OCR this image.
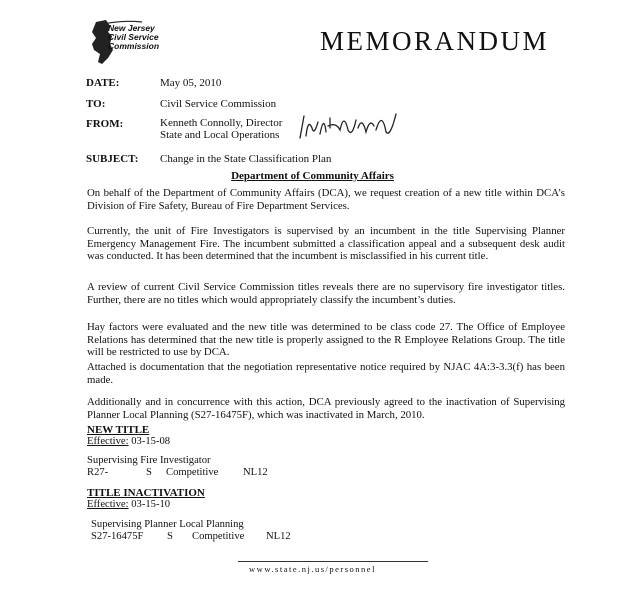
New Jersey
Civil Service
Commission	MEMORANDUM
DATE:	May 05, 2010
TO:	Civil Service Commission
FROM:	Kenneth Connolly, Director
State and Local Operations
SUBJECT: Change in the State Classification Plan
Department of Community Affairs
On behalf of the Department of Community Affairs (DCA), we request creation of a new title within DCA’s Division of Fire Safety, Bureau of Fire Department Services.
Currently, the unit of Fire Investigators is supervised by an incumbent in the title Supervising Planner Emergency Management Fire. The incumbent submitted a classification appeal and a subsequent desk audit was conducted. It has been determined that the incumbent is misclassified in his current title.
A review of current Civil Service Commission titles reveals there are no supervisory fire investigator titles. Further, there are no titles which would appropriately classify the incumbent’s duties.
Hay factors were evaluated and the new title was determined to be class code 27. The Office of Employee Relations has determined that the new title is properly assigned to the R Employee Relations Group. The title will be restricted to use by DCA.
Attached is documentation that the negotiation representative notice required by NJAC 4A:3-3.3(f) has been made.
Additionally and in concurrence with this action, DCA previously agreed to the inactivation of Supervising Planner Local Planning (S27-16475F), which was inactivated in March, 2010.
NEW TITLE
Effective: 03-15-08
Supervising Fire Investigator
R27-	S Competitive NL12
TITLE INACTIVATION
Effective: 03-15-10
Supervising Planner Local Planning
S27-16475F S Competitive NL12
www.state.nj.us/personnel
